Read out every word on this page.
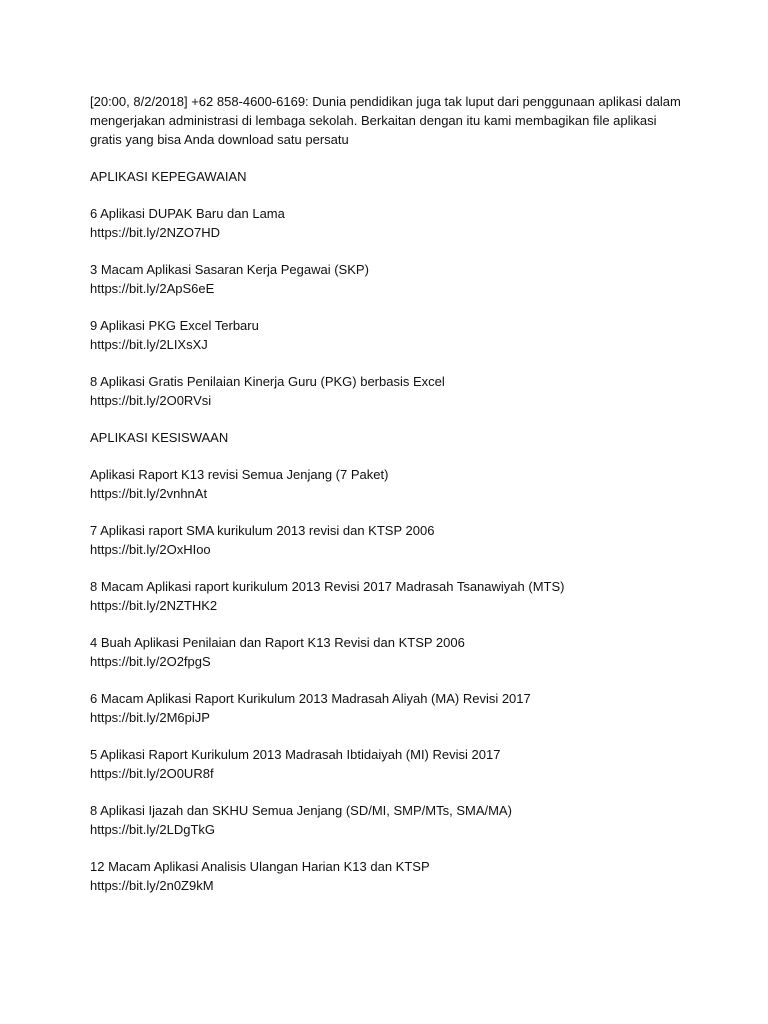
[20:00, 8/2/2018] +62 858-4600-6169: Dunia pendidikan juga tak luput dari penggunaan aplikasi dalam mengerjakan administrasi di lembaga sekolah. Berkaitan dengan itu kami membagikan file aplikasi gratis yang bisa Anda download satu persatu

APLIKASI KEPEGAWAIAN

6 Aplikasi DUPAK Baru dan Lama
https://bit.ly/2NZO7HD
3 Macam Aplikasi Sasaran Kerja Pegawai (SKP)
https://bit.ly/2ApS6eE
9 Aplikasi PKG Excel Terbaru
https://bit.ly/2LIXsXJ
8 Aplikasi Gratis Penilaian Kinerja Guru (PKG) berbasis Excel
https://bit.ly/2O0RVsi

APLIKASI KESISWAAN

Aplikasi Raport K13 revisi Semua Jenjang (7 Paket)
https://bit.ly/2vnhnAt
7 Aplikasi raport SMA kurikulum 2013 revisi dan KTSP 2006
https://bit.ly/2OxHIoo
8 Macam Aplikasi raport kurikulum 2013 Revisi 2017 Madrasah Tsanawiyah (MTS)
https://bit.ly/2NZTHK2
4 Buah Aplikasi Penilaian dan Raport K13 Revisi dan KTSP 2006
https://bit.ly/2O2fpgS
6 Macam Aplikasi Raport Kurikulum 2013 Madrasah Aliyah (MA) Revisi 2017
https://bit.ly/2M6piJP
5 Aplikasi Raport Kurikulum 2013 Madrasah Ibtidaiyah (MI) Revisi 2017
https://bit.ly/2O0UR8f
8 Aplikasi Ijazah dan SKHU Semua Jenjang (SD/MI, SMP/MTs, SMA/MA)
https://bit.ly/2LDgTkG
12 Macam Aplikasi Analisis Ulangan Harian K13 dan KTSP
https://bit.ly/2n0Z9kM
